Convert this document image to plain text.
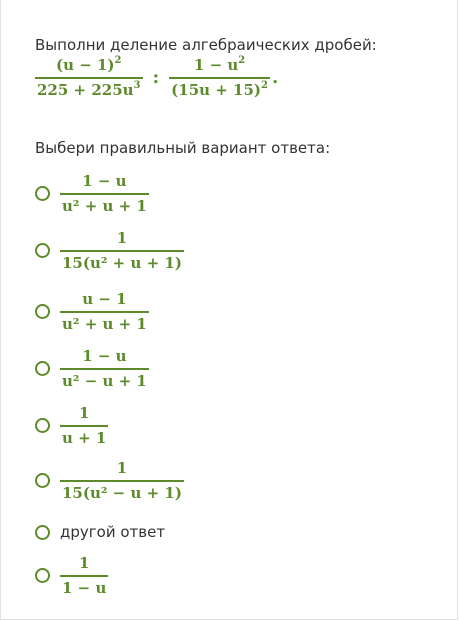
Выполни деление алгебраических дробей:
$\frac{(u - 1)^2}{225 + 225u^3}$ : $\frac{1 - u^2}{(15u + 15)^2}$ .
Выбери правильный вариант ответа:
$\frac{1 - u}{\text{u² + u + 1}}$
$\frac{1}{\text{15(u² + u + 1)}}$
$\frac{u - 1}{\text{u² + u + 1}}$
$\frac{1 - u}{\text{u² − u + 1}}$
$\frac{1}{u + 1}$
$\frac{1}{\text{15(u² − u + 1)}}$
другой ответ
$\frac{1}{1 - u}$
